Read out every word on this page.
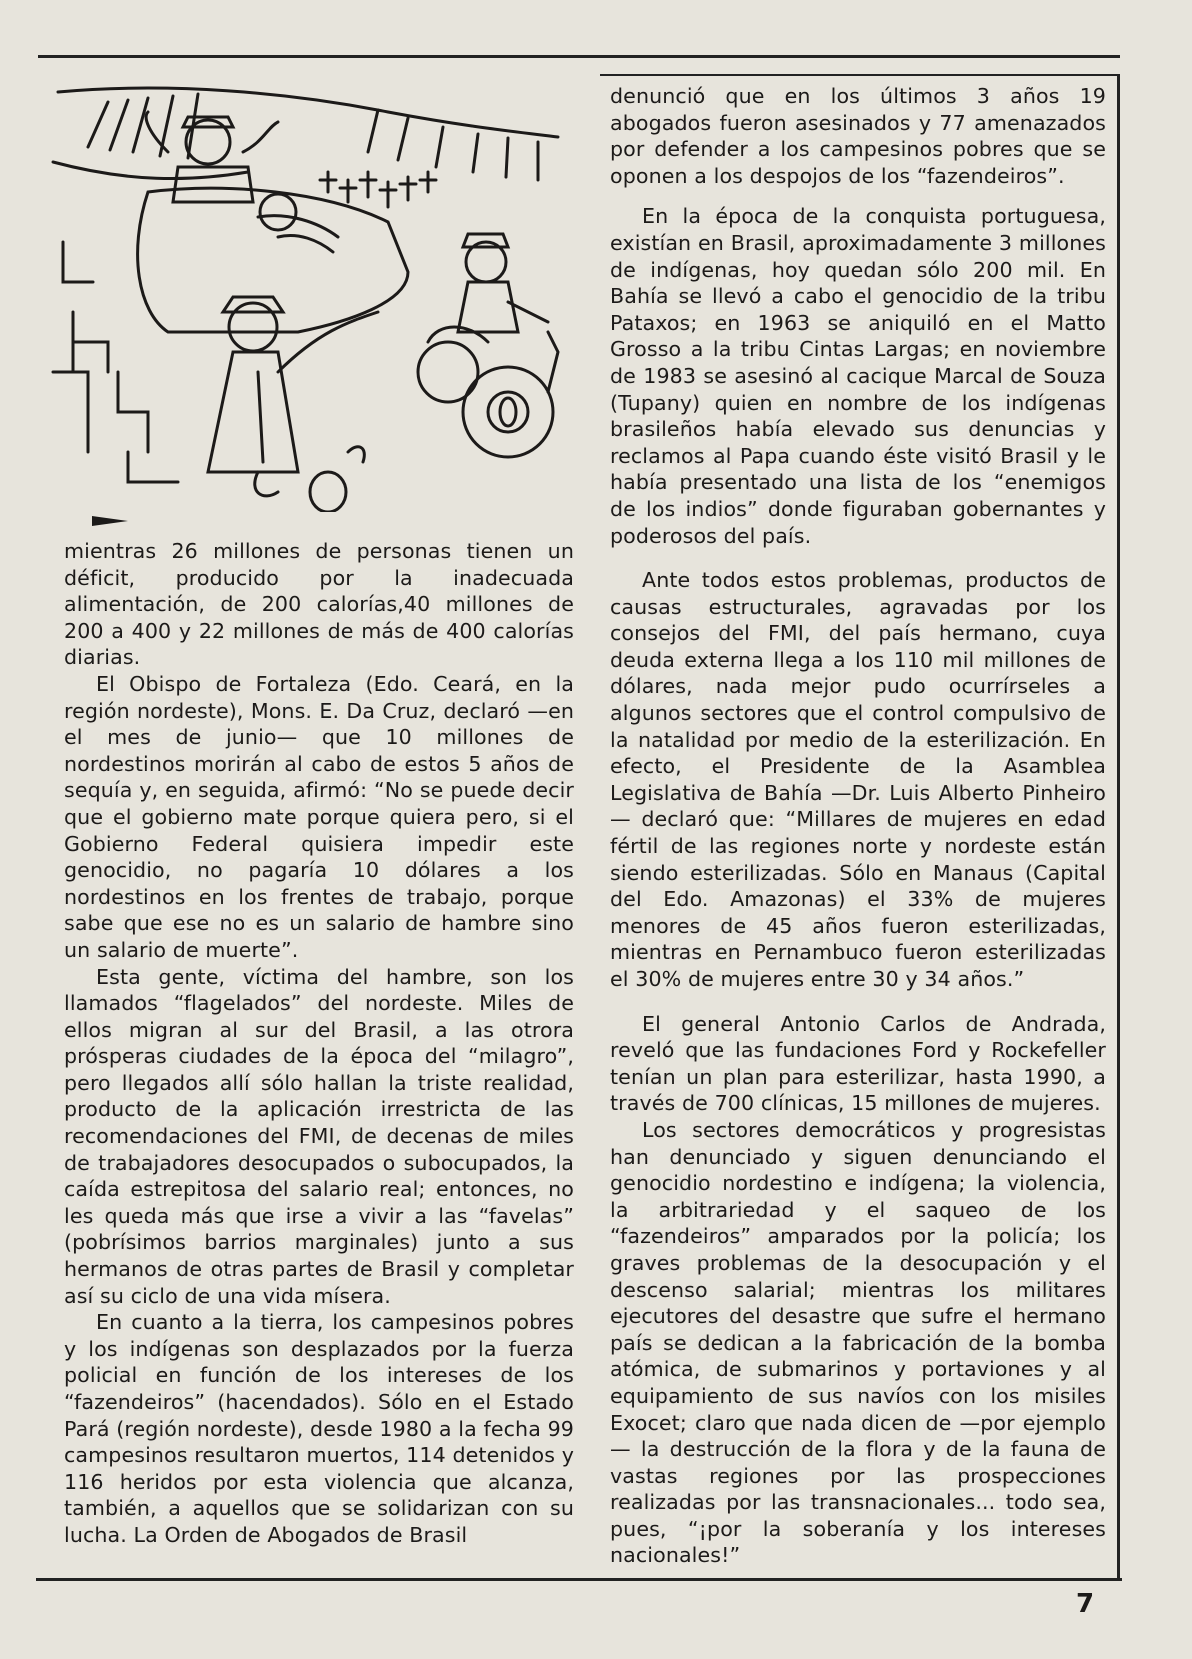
mientras 26 millones de personas tienen un déficit, producido por la inadecuada alimentación, de 200 calorías,40 millones de 200 a 400 y 22 millones de más de 400 calorías diarias.

El Obispo de Fortaleza (Edo. Ceará, en la región nordeste), Mons. E. Da Cruz, declaró —en el mes de junio— que 10 millones de nordestinos morirán al cabo de estos 5 años de sequía y, en seguida, afirmó: “No se puede decir que el gobierno mate porque quiera pero, si el Gobierno Federal quisiera impedir este genocidio, no pagaría 10 dólares a los nordestinos en los frentes de trabajo, porque sabe que ese no es un salario de hambre sino un salario de muerte”.

Esta gente, víctima del hambre, son los llamados “flagelados” del nordeste. Miles de ellos migran al sur del Brasil, a las otrora prósperas ciudades de la época del “milagro”, pero llegados allí sólo hallan la triste realidad, producto de la aplicación irrestricta de las recomendaciones del FMI, de decenas de miles de trabajadores desocupados o subocupados, la caída estrepitosa del salario real; entonces, no les queda más que irse a vivir a las “favelas” (pobrísimos barrios marginales) junto a sus hermanos de otras partes de Brasil y completar así su ciclo de una vida mísera.

En cuanto a la tierra, los campesinos pobres y los indígenas son desplazados por la fuerza policial en función de los intereses de los “fazendeiros” (hacendados). Sólo en el Estado Pará (región nordeste), desde 1980 a la fecha 99 campesinos resultaron muertos, 114 detenidos y 116 heridos por esta violencia que alcanza, también, a aquellos que se solidarizan con su lucha. La Orden de Abogados de Brasil

denunció que en los últimos 3 años 19 abogados fueron asesinados y 77 amenazados por defender a los campesinos pobres que se oponen a los despojos de los “fazendeiros”.

En la época de la conquista portuguesa, existían en Brasil, aproximadamente 3 millones de indígenas, hoy quedan sólo 200 mil. En Bahía se llevó a cabo el genocidio de la tribu Pataxos; en 1963 se aniquiló en el Matto Grosso a la tribu Cintas Largas; en noviembre de 1983 se asesinó al cacique Marcal de Souza (Tupany) quien en nombre de los indígenas brasileños había elevado sus denuncias y reclamos al Papa cuando éste visitó Brasil y le había presentado una lista de los “enemigos de los indios” donde figuraban gobernantes y poderosos del país.

Ante todos estos problemas, productos de causas estructurales, agravadas por los consejos del FMI, del país hermano, cuya deuda externa llega a los 110 mil millones de dólares, nada mejor pudo ocurrírseles a algunos sectores que el control compulsivo de la natalidad por medio de la esterilización. En efecto, el Presidente de la Asamblea Legislativa de Bahía —Dr. Luis Alberto Pinheiro— declaró que: “Millares de mujeres en edad fértil de las regiones norte y nordeste están siendo esterilizadas. Sólo en Manaus (Capital del Edo. Amazonas) el 33% de mujeres menores de 45 años fueron esterilizadas, mientras en Pernambuco fueron esterilizadas el 30% de mujeres entre 30 y 34 años.”

El general Antonio Carlos de Andrada, reveló que las fundaciones Ford y Rockefeller tenían un plan para esterilizar, hasta 1990, a través de 700 clínicas, 15 millones de mujeres.

Los sectores democráticos y progresistas han denunciado y siguen denunciando el genocidio nordestino e indígena; la violencia, la arbitrariedad y el saqueo de los “fazendeiros” amparados por la policía; los graves problemas de la desocupación y el descenso salarial; mientras los militares ejecutores del desastre que sufre el hermano país se dedican a la fabricación de la bomba atómica, de submarinos y portaviones y al equipamiento de sus navíos con los misiles Exocet; claro que nada dicen de —por ejemplo— la destrucción de la flora y de la fauna de vastas regiones por las prospecciones realizadas por las transnacionales... todo sea, pues, “¡por la soberanía y los intereses nacionales!”

7
